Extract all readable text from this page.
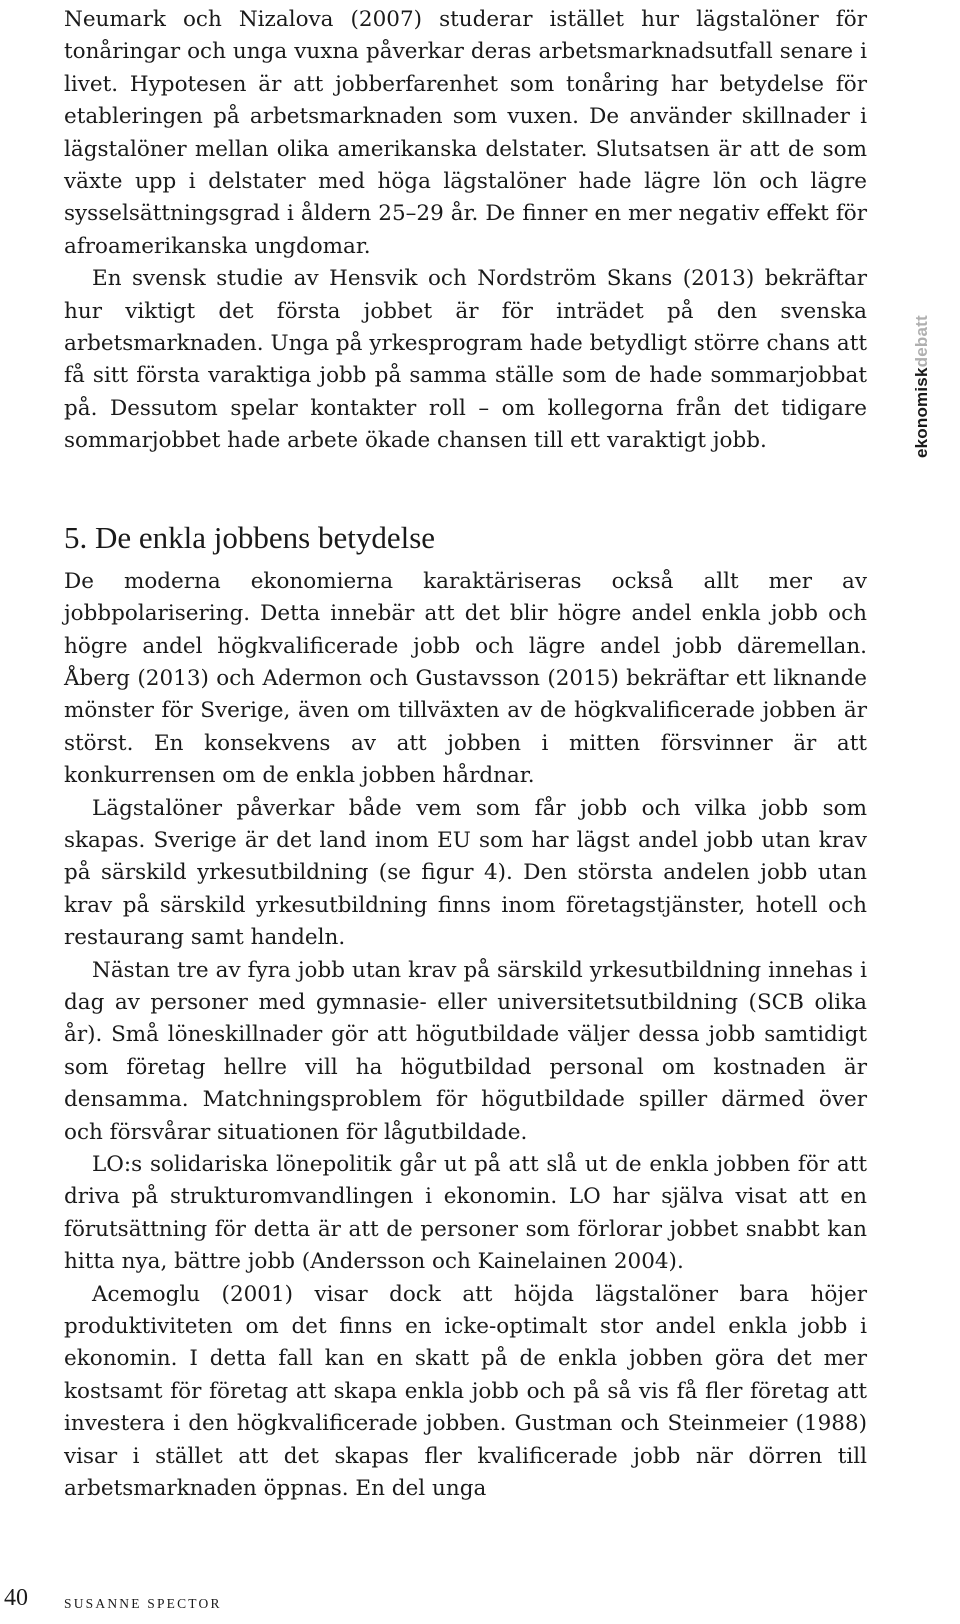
Neumark och Nizalova (2007) studerar istället hur lägstalöner för tonåringar och unga vuxna påverkar deras arbetsmarknadsutfall senare i livet. Hypotesen är att jobberfarenhet som tonåring har betydelse för etableringen på arbetsmarknaden som vuxen. De använder skillnader i lägstalöner mellan olika amerikanska delstater. Slutsatsen är att de som växte upp i delstater med höga lägstalöner hade lägre lön och lägre sysselsättningsgrad i åldern 25–29 år. De finner en mer negativ effekt för afroamerikanska ungdomar.

En svensk studie av Hensvik och Nordström Skans (2013) bekräftar hur viktigt det första jobbet är för inträdet på den svenska arbetsmarknaden. Unga på yrkesprogram hade betydligt större chans att få sitt första varaktiga jobb på samma ställe som de hade sommarjobbat på. Dessutom spelar kontakter roll – om kollegorna från det tidigare sommarjobbet hade arbete ökade chansen till ett varaktigt jobb.

5. De enkla jobbens betydelse

De moderna ekonomierna karaktäriseras också allt mer av jobbpolarisering. Detta innebär att det blir högre andel enkla jobb och högre andel högkvalificerade jobb och lägre andel jobb däremellan. Åberg (2013) och Adermon och Gustavsson (2015) bekräftar ett liknande mönster för Sverige, även om tillväxten av de högkvalificerade jobben är störst. En konsekvens av att jobben i mitten försvinner är att konkurrensen om de enkla jobben hårdnar.

Lägstalöner påverkar både vem som får jobb och vilka jobb som skapas. Sverige är det land inom EU som har lägst andel jobb utan krav på särskild yrkesutbildning (se figur 4). Den största andelen jobb utan krav på särskild yrkesutbildning finns inom företagstjänster, hotell och restaurang samt handeln.

Nästan tre av fyra jobb utan krav på särskild yrkesutbildning innehas i dag av personer med gymnasie- eller universitetsutbildning (SCB olika år). Små löneskillnader gör att högutbildade väljer dessa jobb samtidigt som företag hellre vill ha högutbildad personal om kostnaden är densamma. Matchningsproblem för högutbildade spiller därmed över och försvårar situationen för lågutbildade.

LO:s solidariska lönepolitik går ut på att slå ut de enkla jobben för att driva på strukturomvandlingen i ekonomin. LO har själva visat att en förutsättning för detta är att de personer som förlorar jobbet snabbt kan hitta nya, bättre jobb (Andersson och Kainelainen 2004).

Acemoglu (2001) visar dock att höjda lägstalöner bara höjer produktiviteten om det finns en icke-optimalt stor andel enkla jobb i ekonomin. I detta fall kan en skatt på de enkla jobben göra det mer kostsamt för företag att skapa enkla jobb och på så vis få fler företag att investera i den högkvalificerade jobben. Gustman och Steinmeier (1988) visar i stället att det skapas fler kvalificerade jobb när dörren till arbetsmarknaden öppnas. En del unga

ekonomiskdebatt
40	SUSANNE SPECTOR
